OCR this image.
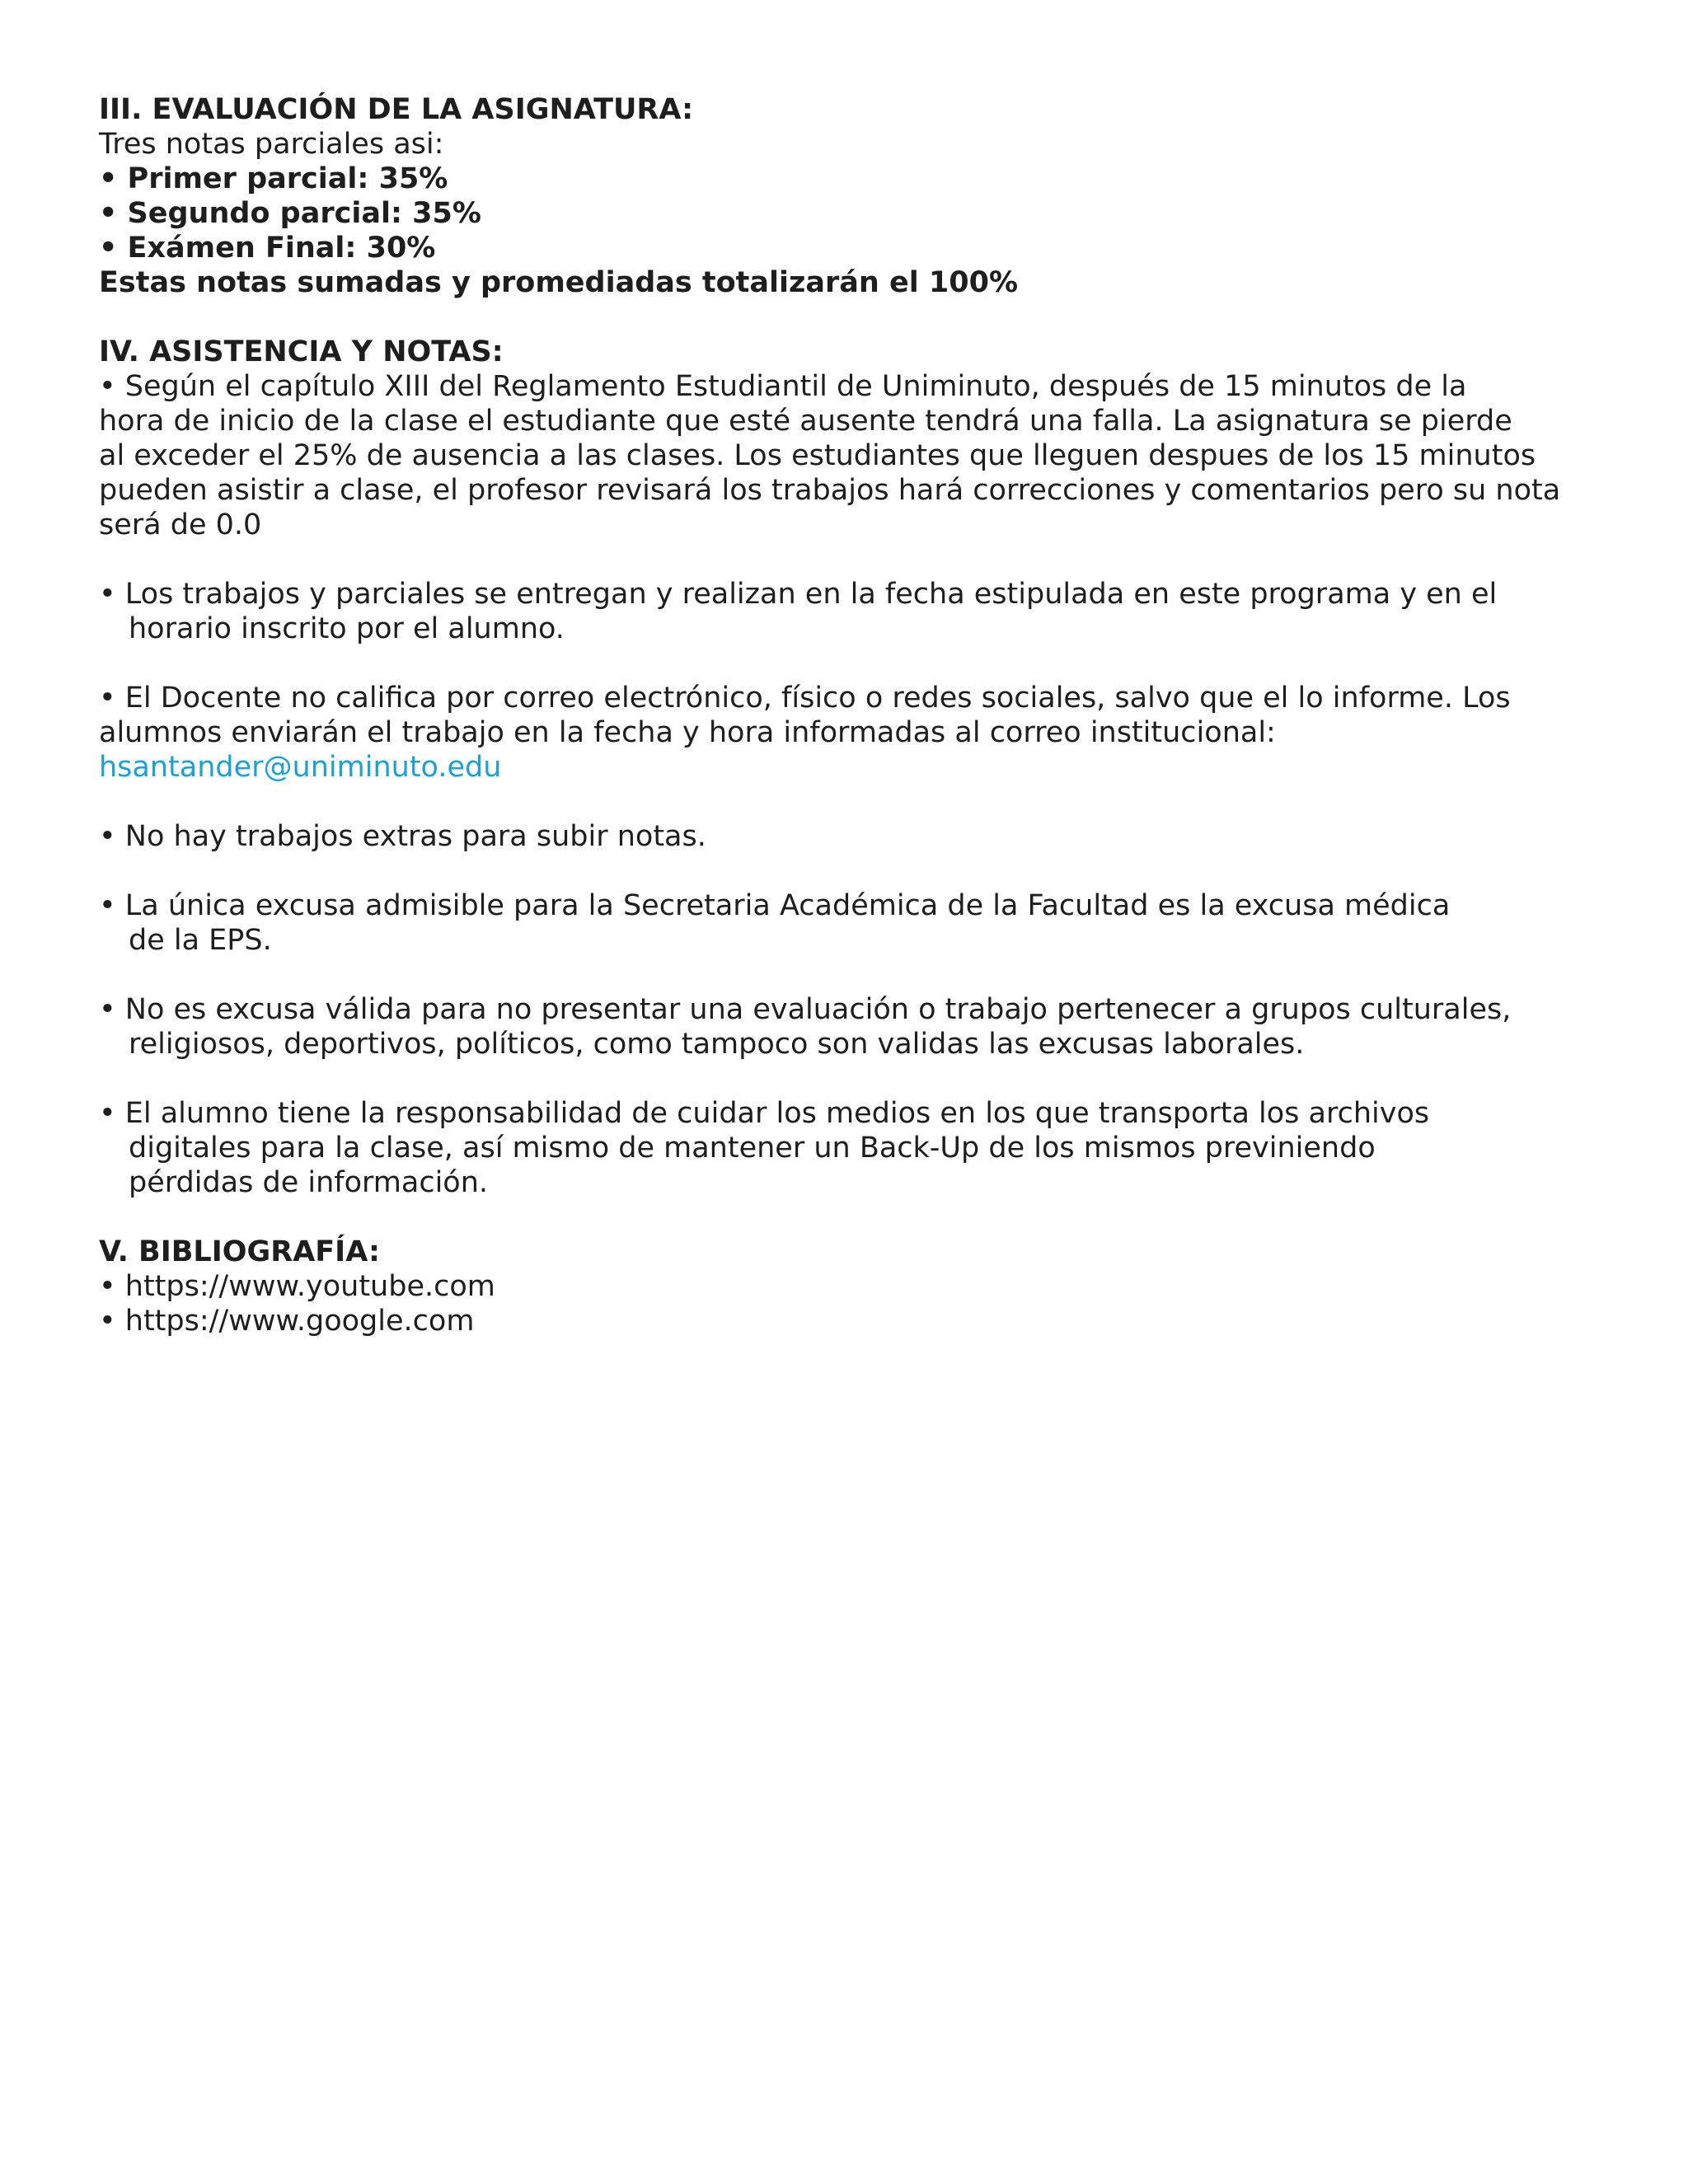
III. EVALUACIÓN DE LA ASIGNATURA:
Tres notas parciales asi:
• Primer parcial: 35%
• Segundo parcial: 35%
• Exámen Final: 30%
Estas notas sumadas y promediadas totalizarán el 100%
IV. ASISTENCIA Y NOTAS:
• Según el capítulo XIII del Reglamento Estudiantil de Uniminuto, después de 15 minutos de la
hora de inicio de la clase el estudiante que esté ausente tendrá una falla. La asignatura se pierde
al exceder el 25% de ausencia a las clases. Los estudiantes que lleguen despues de los 15 minutos
pueden asistir a clase, el profesor revisará los trabajos hará correcciones y comentarios pero su nota
será de 0.0
• Los trabajos y parciales se entregan y realizan en la fecha estipulada en este programa y en el
horario inscrito por el alumno.
• El Docente no califica por correo electrónico, físico o redes sociales, salvo que el lo informe. Los
alumnos enviarán el trabajo en la fecha y hora informadas al correo institucional:
hsantander@uniminuto.edu
• No hay trabajos extras para subir notas.
• La única excusa admisible para la Secretaria Académica de la Facultad es la excusa médica
de la EPS.
• No es excusa válida para no presentar una evaluación o trabajo pertenecer a grupos culturales,
religiosos, deportivos, políticos, como tampoco son validas las excusas laborales.
• El alumno tiene la responsabilidad de cuidar los medios en los que transporta los archivos
digitales para la clase, así mismo de mantener un Back-Up de los mismos previniendo
pérdidas de información.
V. BIBLIOGRAFÍA:
• https://www.youtube.com
• https://www.google.com
